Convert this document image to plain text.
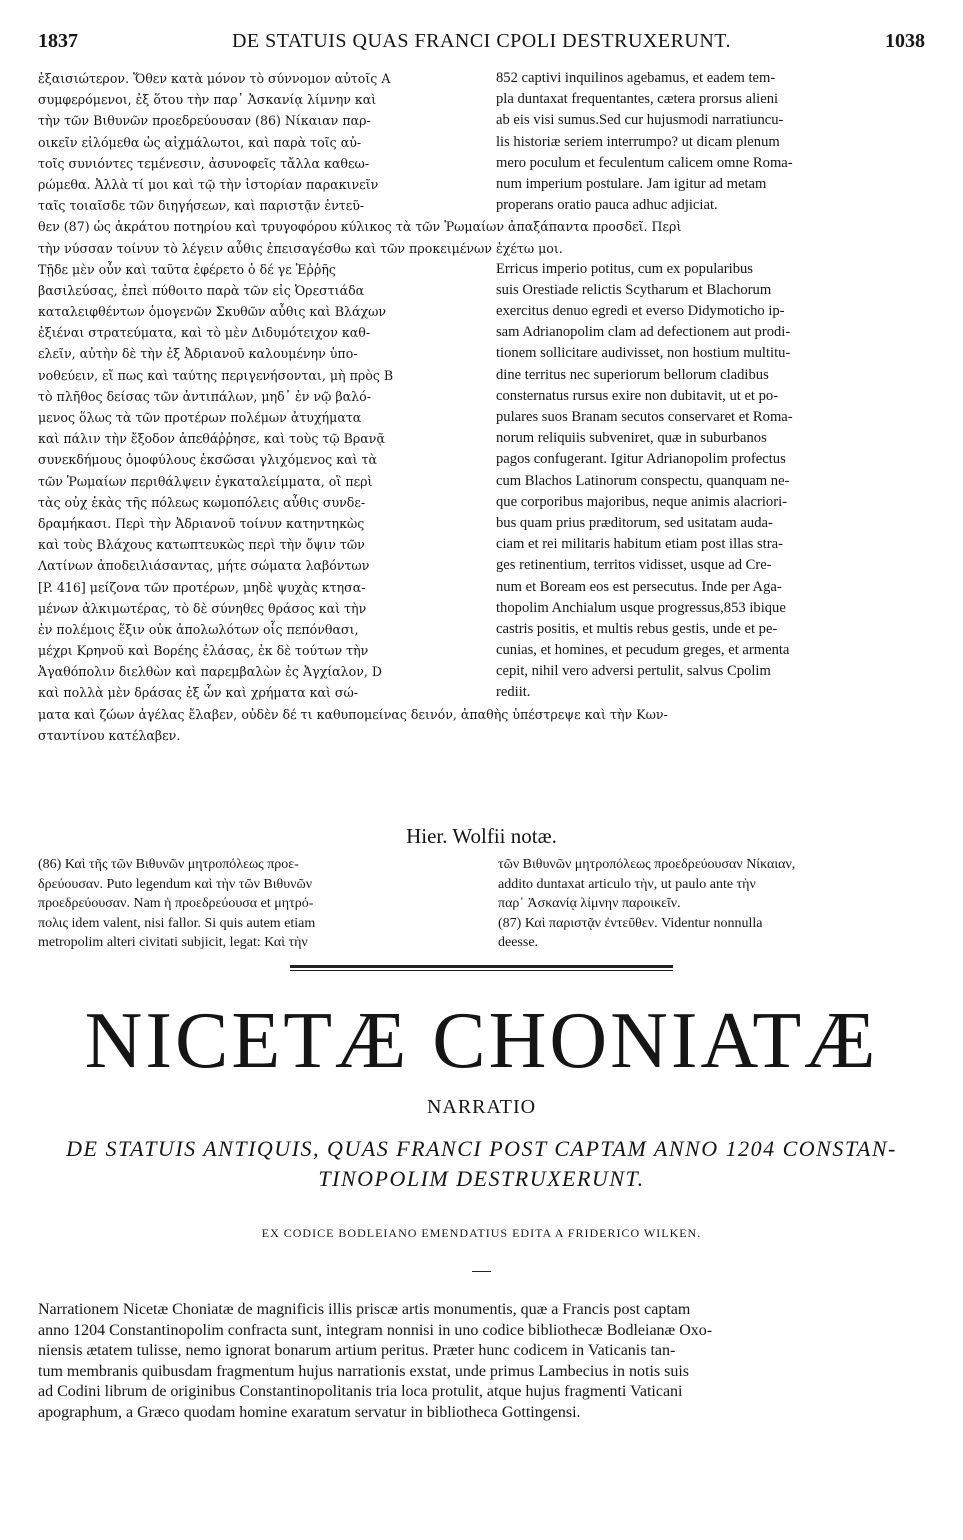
1837	DE STATUIS QUAS FRANCI CPOLI DESTRUXERUNT.	1038
ἐξαισιώτερον. Ὅθεν κατὰ μόνον τὸ σύννομον αὐτοῖς A
συμφερόμενοι, ἐξ ὅτου τὴν παρ᾽ Ἀσκανίᾳ λίμνην καὶ
τὴν τῶν Βιθυνῶν προεδρεύουσαν (86) Νίκαιαν παρ-
οικεῖν εἰλόμεθα ὡς αἰχμάλωτοι, καὶ παρὰ τοῖς αὐ-
τοῖς συνιόντες τεμένεσιν, ἀσυνοφεῖς τἄλλα καθεω-
ρώμεθα. Ἀλλὰ τί μοι καὶ τῷ τὴν ἱστορίαν παρακινεῖν
ταῖς τοιαῖσδε τῶν διηγήσεων, καὶ παριστᾷν ἐντεῦ-
852 captivi inquilinos agebamus, et eadem tem-
pla duntaxat frequentantes, cætera prorsus alieni
ab eis visi sumus.Sed cur hujusmodi narratiuncu-
lis historiæ seriem interrumpo? ut dicam plenum
mero poculum et feculentum calicem omne Roma-
num imperium postulare. Jam igitur ad metam
properans oratio pauca adhuc adjiciat.
θεν (87) ὡς ἀκράτου ποτηρίου καὶ τρυγοφόρου κύλικος τὰ τῶν Ῥωμαίων ἀπαξάπαντα προσδεῖ. Περὶ
τὴν νύσσαν τοίνυν τὸ λέγειν αὖθις ἐπεισαγέσθω καὶ τῶν προκειμένων ἐχέτω μοι.
Τῇδε μὲν οὖν καὶ ταῦτα ἐφέρετο ὁ δέ γε Ἐῤῥῆς
βασιλεύσας, ἐπεὶ πύθοιτο παρὰ τῶν εἰς Ὀρεστιάδα
καταλειφθέντων ὁμογενῶν Σκυθῶν αὖθις καὶ Βλάχων
ἐξιέναι στρατεύματα, καὶ τὸ μὲν Διδυμότειχον καθ-
ελεῖν, αὐτὴν δὲ τὴν ἐξ Ἀδριανοῦ καλουμένην ὑπο-
νοθεύειν, εἴ πως καὶ ταύτης περιγενήσονται, μὴ πρὸς B
τὸ πλῆθος δείσας τῶν ἀντιπάλων, μηδ᾽ ἐν νῷ βαλό-
μενος ὅλως τὰ τῶν προτέρων πολέμων ἀτυχήματα
καὶ πάλιν τὴν ἔξοδον ἀπεθάῤῥησε, καὶ τοὺς τῷ Βρανᾷ
συνεκδήμους ὁμοφύλους ἐκσῶσαι γλιχόμενος καὶ τὰ
τῶν Ῥωμαίων περιθάλψειν ἐγκαταλείμματα, οἳ περὶ
τὰς οὐχ ἑκὰς τῆς πόλεως κωμοπόλεις αὖθις συνδε-
δραμήκασι. Περὶ τὴν Ἀδριανοῦ τοίνυν κατηντηκὼς
καὶ τοὺς Βλάχους κατωπτευκὼς περὶ τὴν ὄψιν τῶν
Λατίνων ἀποδειλιάσαντας, μήτε σώματα λαβόντων
[P. 416] μείζονα τῶν προτέρων, μηδὲ ψυχὰς κτησα-
μένων ἀλκιμωτέρας, τὸ δὲ σύνηθες θράσος καὶ τὴν
ἐν πολέμοις ἕξιν οὐκ ἀπολωλότων οἷς πεπόνθασι,
μέχρι Κρηνοῦ καὶ Βορέης ἐλάσας, ἐκ δὲ τούτων τὴν
Ἀγαθόπολιν διελθὼν καὶ παρεμβαλὼν ἐς Ἀγχίαλον, D
καὶ πολλὰ μὲν δράσας ἐξ ὧν καὶ χρήματα καὶ σώ-
Erricus imperio potitus, cum ex popularibus
suis Orestiade relictis Scytharum et Blachorum
exercitus denuo egredi et everso Didymoticho ip-
sam Adrianopolim clam ad defectionem aut prodi-
tionem sollicitare audivisset, non hostium multitu-
dine territus nec superiorum bellorum cladibus
consternatus rursus exire non dubitavit, ut et po-
pulares suos Branam secutos conservaret et Roma-
norum reliquiis subveniret, quæ in suburbanos
pagos confugerant. Igitur Adrianopolim profectus
cum Blachos Latinorum conspectu, quanquam ne-
que corporibus majoribus, neque animis alacriori-
bus quam prius præditorum, sed usitatam auda-
ciam et rei militaris habitum etiam post illas stra-
ges retinentium, territos vidisset, usque ad Cre-
num et Boream eos est persecutus. Inde per Aga-
thopolim Anchialum usque progressus,853 ibique
castris positis, et multis rebus gestis, unde et pe-
cunias, et homines, et pecudum greges, et armenta
cepit, nihil vero adversi pertulit, salvus Cpolim
rediit.
ματα καὶ ζώων ἀγέλας ἔλαβεν, οὐδὲν δέ τι καθυπομείνας δεινόν, ἀπαθὴς ὑπέστρεψε καὶ τὴν Κων-
σταντίνου κατέλαβεν.
Hier. Wolfii notæ.
(86) Καὶ τῆς τῶν Βιθυνῶν μητροπόλεως προε-
δρεύουσαν. Puto legendum καὶ τὴν τῶν Βιθυνῶν
προεδρεύουσαν. Nam ἡ προεδρεύουσα et μητρό-
πολις idem valent, nisi fallor. Si quis autem etiam
metropolim alteri civitati subjicit, legat: Καὶ τὴν
τῶν Βιθυνῶν μητροπόλεως προεδρεύουσαν Νίκαιαν,
addito duntaxat articulo τὴν, ut paulo ante τὴν
παρ᾽ Ἀσκανίᾳ λίμνην παροικεῖν.
(87) Καὶ παριστᾷν ἐντεῦθεν. Videntur nonnulla
deesse.
NICETÆ CHONIATÆ
NARRATIO
DE STATUIS ANTIQUIS, QUAS FRANCI POST CAPTAM ANNO 1204 CONSTAN-
TINOPOLIM DESTRUXERUNT.
EX CODICE BODLEIANO EMENDATIUS EDITA A FRIDERICO WILKEN.
Narrationem Nicetæ Choniatæ de magnificis illis priscæ artis monumentis, quæ a Francis post captam
anno 1204 Constantinopolim confracta sunt, integram nonnisi in uno codice bibliothecæ Bodleianæ Oxo-
niensis ætatem tulisse, nemo ignorat bonarum artium peritus. Præter hunc codicem in Vaticanis tan-
tum membranis quibusdam fragmentum hujus narrationis exstat, unde primus Lambecius in notis suis
ad Codini librum de originibus Constantinopolitanis tria loca protulit, atque hujus fragmenti Vaticani
apographum, a Græco quodam homine exaratum servatur in bibliotheca Gottingensi.
